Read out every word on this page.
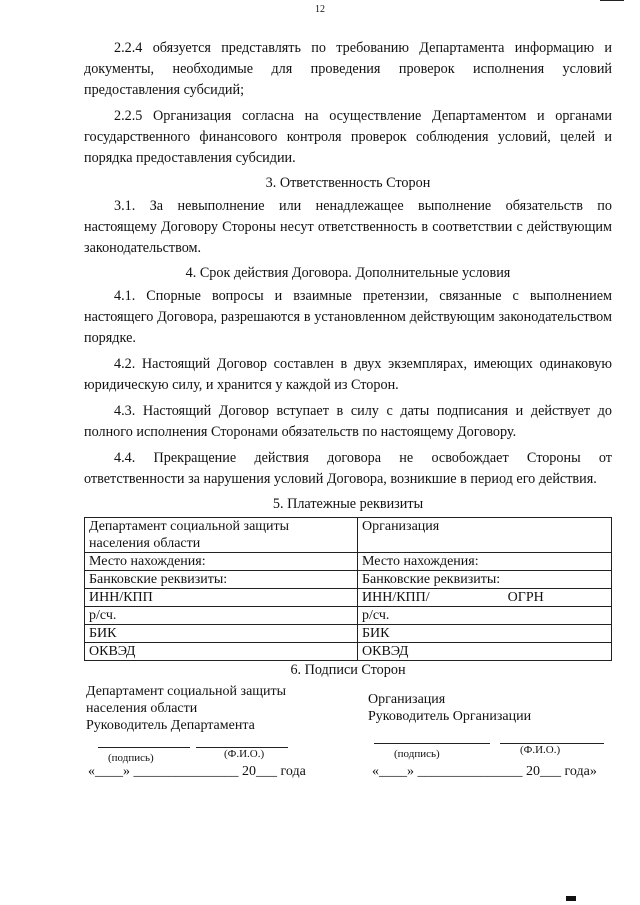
12

2.2.4 обязуется представлять по требованию Департамента информацию и документы, необходимые для проведения проверок исполнения условий предоставления субсидий;

2.2.5 Организация согласна на осуществление Департаментом и органами государственного финансового контроля проверок соблюдения условий, целей и порядка предоставления субсидии.

3. Ответственность Сторон

3.1. За невыполнение или ненадлежащее выполнение обязательств по настоящему Договору Стороны несут ответственность в соответствии с действующим законодательством.

4. Срок действия Договора. Дополнительные условия

4.1. Спорные вопросы и взаимные претензии, связанные с выполнением настоящего Договора, разрешаются в установленном действующим законодательством порядке.

4.2. Настоящий Договор составлен в двух экземплярах, имеющих одинаковую юридическую силу, и хранится у каждой из Сторон.

4.3. Настоящий Договор вступает в силу с даты подписания и действует до полного исполнения Сторонами обязательств по настоящему Договору.

4.4. Прекращение действия договора не освобождает Стороны от ответственности за нарушения условий Договора, возникшие в период его действия.

5. Платежные реквизиты
Департамент социальной защиты населения области	Организация
Место нахождения:	Место нахождения:
Банковские реквизиты:	Банковские реквизиты:
ИНН/КПП	ИНН/КПП/ ОГРН
р/сч.	р/сч.
БИК	БИК
ОКВЭД	ОКВЭД
6. Подписи Сторон
Департамент социальной защиты
населения области
Руководитель Департамента
(подпись)	(Ф.И.О.)
«____» _______________ 20___ года
Организация
Руководитель Организации
(подпись)	(Ф.И.О.)
«____» _______________ 20___ года»
